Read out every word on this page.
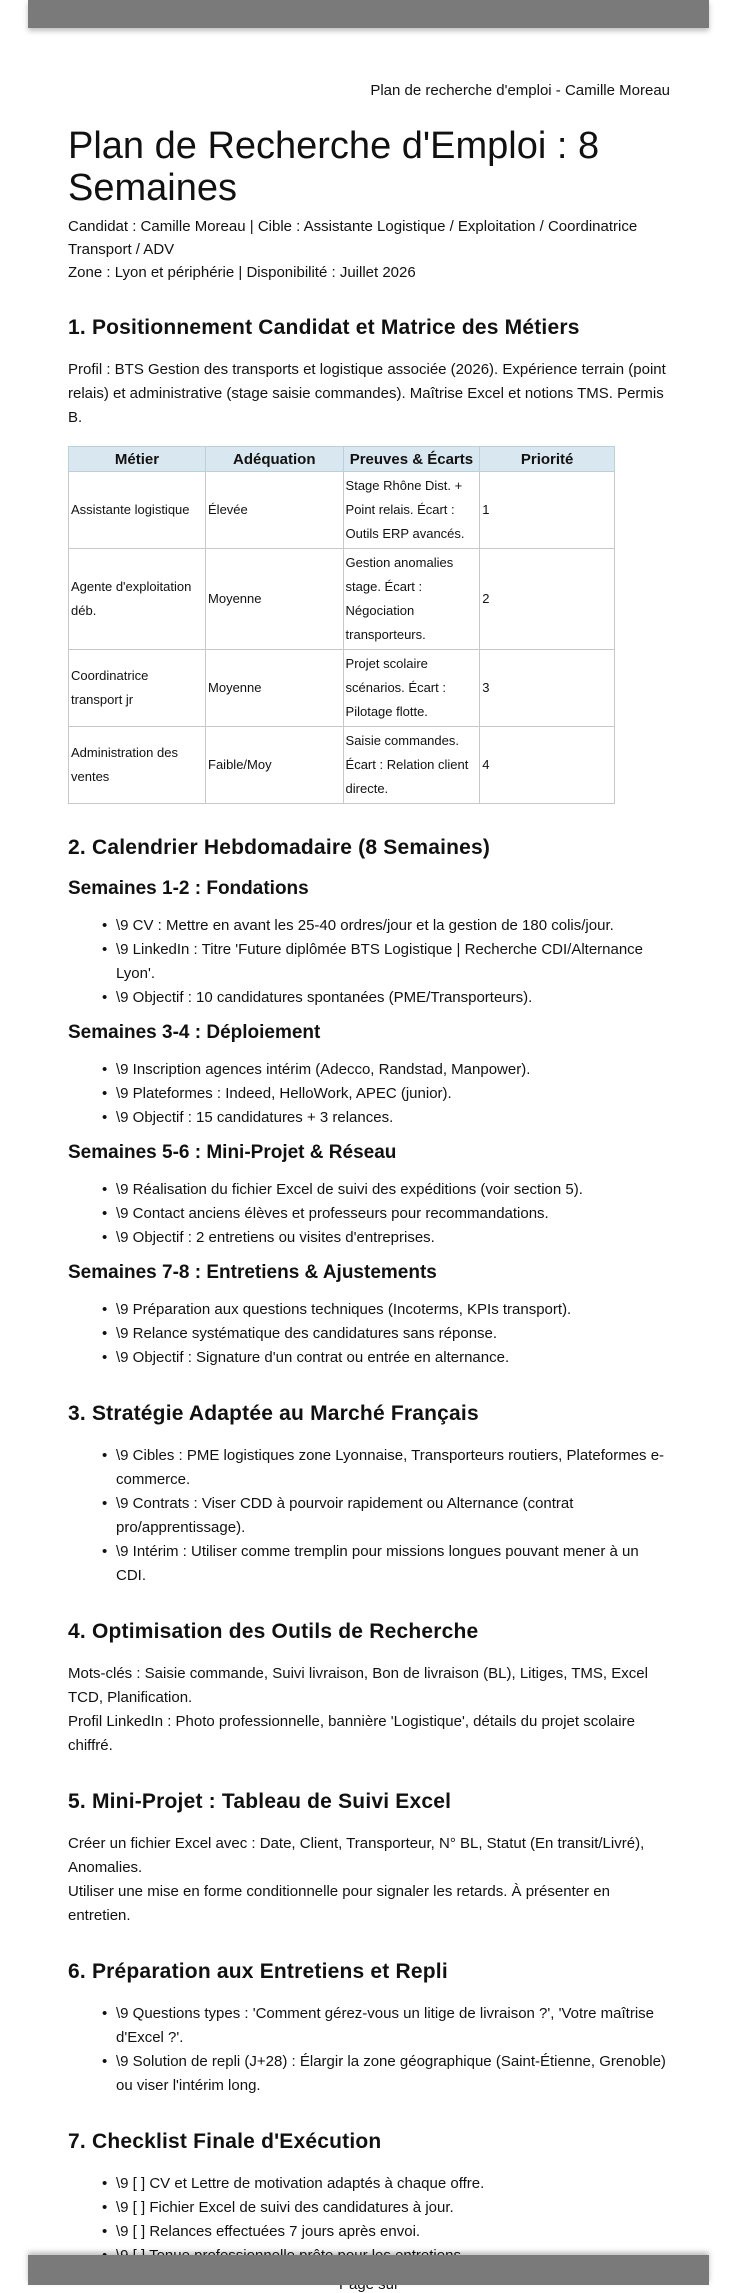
Plan de recherche d'emploi - Camille Moreau
Plan de Recherche d'Emploi : 8 Semaines

Candidat : Camille Moreau | Cible : Assistante Logistique / Exploitation / Coordinatrice Transport / ADV

Zone : Lyon et périphérie | Disponibilité : Juillet 2026

1. Positionnement Candidat et Matrice des Métiers

Profil : BTS Gestion des transports et logistique associée (2026). Expérience terrain (point relais) et administrative (stage saisie commandes). Maîtrise Excel et notions TMS. Permis B.

Métier	Adéquation	Preuves & Écarts	Priorité
Assistante logistique	Élevée	Stage Rhône Dist. + Point relais. Écart : Outils ERP avancés.	1
Agente d'exploitation déb.	Moyenne	Gestion anomalies stage. Écart : Négociation transporteurs.	2
Coordinatrice transport jr	Moyenne	Projet scolaire scénarios. Écart : Pilotage flotte.	3
Administration des ventes	Faible/Moy	Saisie commandes. Écart : Relation client directe.	4
2. Calendrier Hebdomadaire (8 Semaines)
Semaines 1-2 : Fondations
• \9 CV : Mettre en avant les 25-40 ordres/jour et la gestion de 180 colis/jour.
• \9 LinkedIn : Titre 'Future diplômée BTS Logistique | Recherche CDI/Alternance Lyon'.
• \9 Objectif : 10 candidatures spontanées (PME/Transporteurs).
Semaines 3-4 : Déploiement
• \9 Inscription agences intérim (Adecco, Randstad, Manpower).
• \9 Plateformes : Indeed, HelloWork, APEC (junior).
• \9 Objectif : 15 candidatures + 3 relances.
Semaines 5-6 : Mini-Projet & Réseau
• \9 Réalisation du fichier Excel de suivi des expéditions (voir section 5).
• \9 Contact anciens élèves et professeurs pour recommandations.
• \9 Objectif : 2 entretiens ou visites d'entreprises.
Semaines 7-8 : Entretiens & Ajustements
• \9 Préparation aux questions techniques (Incoterms, KPIs transport).
• \9 Relance systématique des candidatures sans réponse.
• \9 Objectif : Signature d'un contrat ou entrée en alternance.
3. Stratégie Adaptée au Marché Français
• \9 Cibles : PME logistiques zone Lyonnaise, Transporteurs routiers, Plateformes e-commerce.
• \9 Contrats : Viser CDD à pourvoir rapidement ou Alternance (contrat pro/apprentissage).
• \9 Intérim : Utiliser comme tremplin pour missions longues pouvant mener à un CDI.
4. Optimisation des Outils de Recherche

Mots-clés : Saisie commande, Suivi livraison, Bon de livraison (BL), Litiges, TMS, Excel TCD, Planification.

Profil LinkedIn : Photo professionnelle, bannière 'Logistique', détails du projet scolaire chiffré.

5. Mini-Projet : Tableau de Suivi Excel

Créer un fichier Excel avec : Date, Client, Transporteur, N° BL, Statut (En transit/Livré), Anomalies.

Utiliser une mise en forme conditionnelle pour signaler les retards. À présenter en entretien.

6. Préparation aux Entretiens et Repli
• \9 Questions types : 'Comment gérez-vous un litige de livraison ?', 'Votre maîtrise d'Excel ?'.
• \9 Solution de repli (J+28) : Élargir la zone géographique (Saint-Étienne, Grenoble) ou viser l'intérim long.
7. Checklist Finale d'Exécution
• \9 [ ] CV et Lettre de motivation adaptés à chaque offre.
• \9 [ ] Fichier Excel de suivi des candidatures à jour.
• \9 [ ] Relances effectuées 7 jours après envoi.
•
